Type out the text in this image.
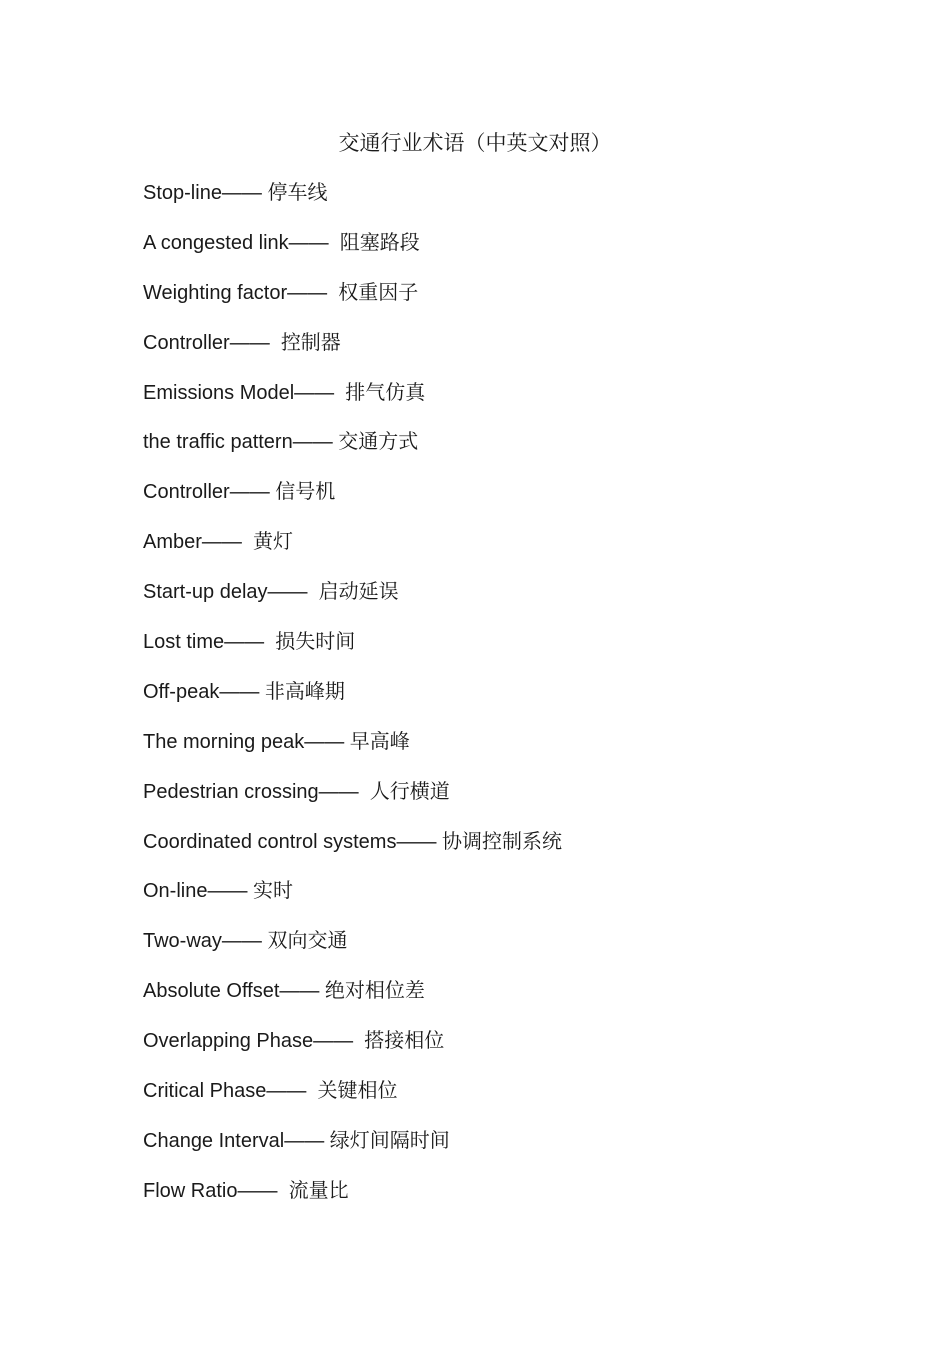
交通行业术语（中英文对照）
Stop-line—— 停车线
A congested link——  阻塞路段
Weighting factor——  权重因子
Controller——  控制器
Emissions Model——  排气仿真
the traffic pattern—— 交通方式
Controller—— 信号机
Amber——  黄灯
Start-up delay——  启动延误
Lost time——  损失时间
Off-peak—— 非高峰期
The morning peak—— 早高峰
Pedestrian crossing——  人行横道
Coordinated control systems—— 协调控制系统
On-line—— 实时
Two-way—— 双向交通
Absolute Offset—— 绝对相位差
Overlapping Phase——  搭接相位
Critical Phase——  关键相位
Change Interval—— 绿灯间隔时间
Flow Ratio——  流量比
